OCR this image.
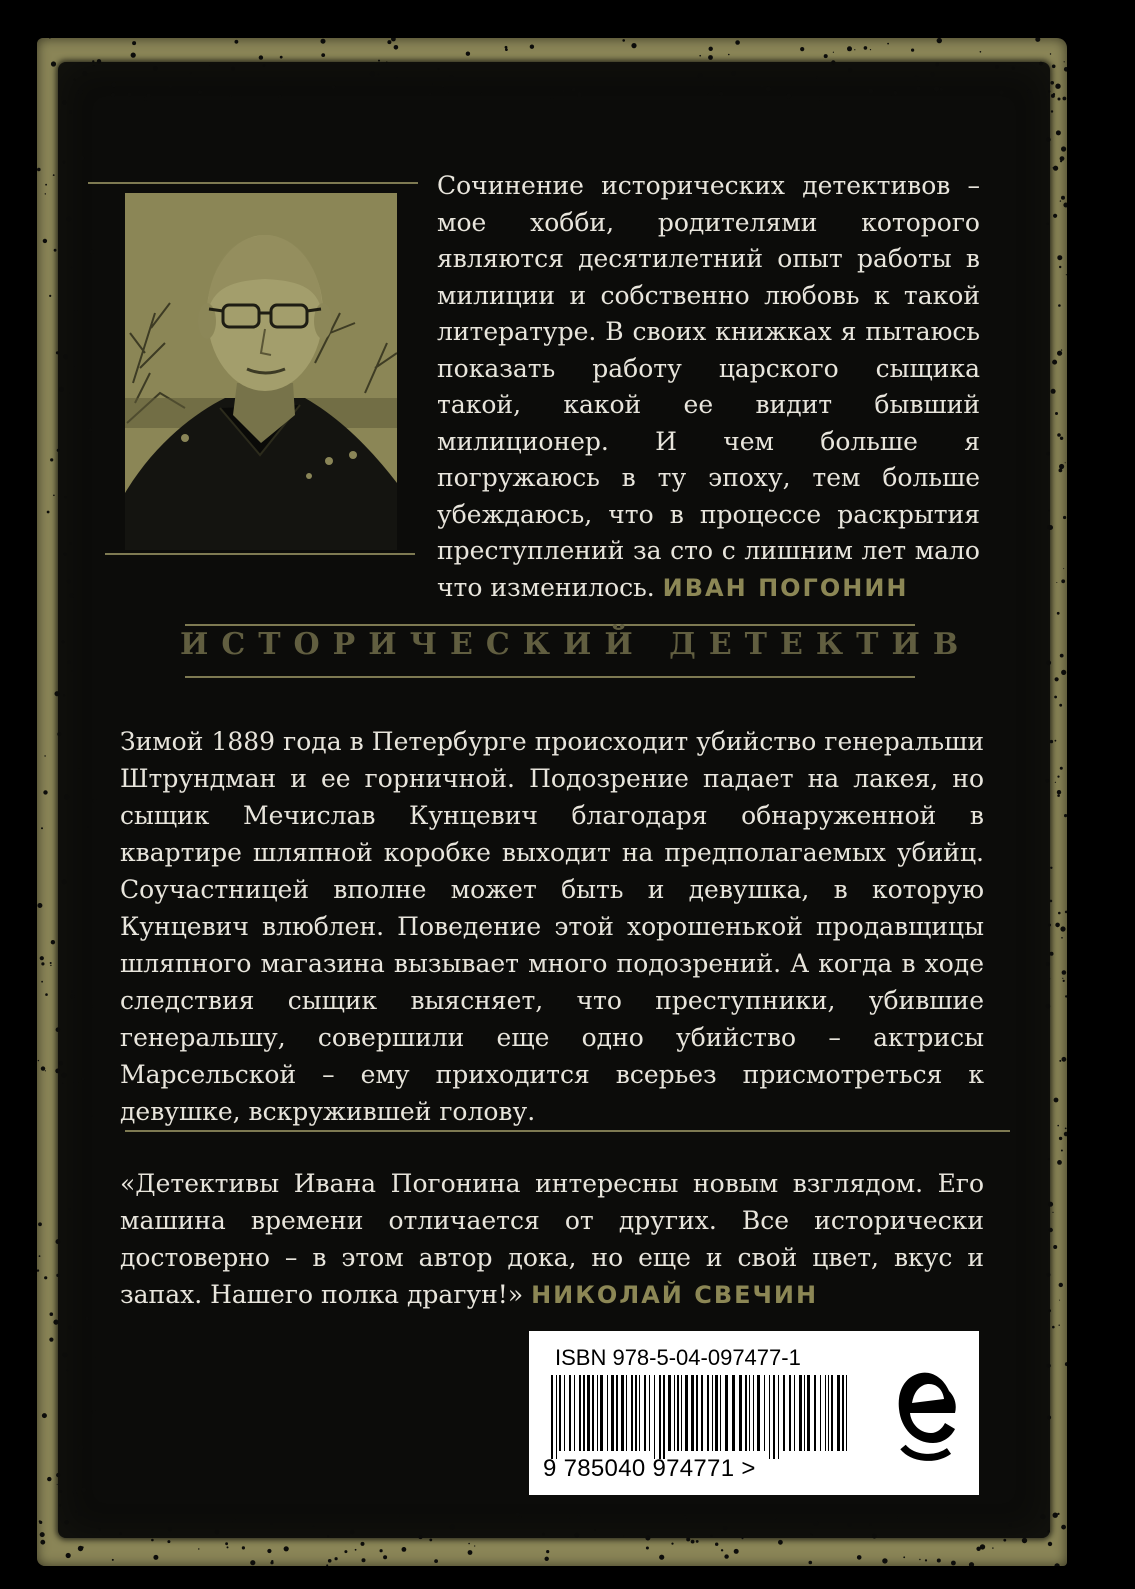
Сочинение исторических детективов – мое хобби, родителями которого являются десятилетний опыт работы в милиции и собственно любовь к такой литературе. В своих книжках я пытаюсь показать работу царского сыщика такой, какой ее видит бывший милиционер. И чем больше я погружаюсь в ту эпоху, тем больше убеждаюсь, что в процессе раскрытия преступлений за сто с лишним лет мало что изменилось. ИВАН ПОГОНИН

ИСТОРИЧЕСКИЙ ДЕТЕКТИВ

Зимой 1889 года в Петербурге происходит убийство генеральши Штрундман и ее горничной. Подозрение падает на лакея, но сыщик Мечислав Кунцевич благодаря обнаруженной в квартире шляпной коробке выходит на предполагаемых убийц. Соучастницей вполне может быть и девушка, в которую Кунцевич влюблен. Поведение этой хорошенькой продавщицы шляпного магазина вызывает много подозрений. А когда в ходе следствия сыщик выясняет, что преступники, убившие генеральшу, совершили еще одно убийство – актрисы Марсельской – ему приходится всерьез присмотреться к девушке, вскружившей голову.

«Детективы Ивана Погонина интересны новым взглядом. Его машина времени отличается от других. Все исторически достоверно – в этом автор дока, но еще и свой цвет, вкус и запах. Нашего полка драгун!» НИКОЛАЙ СВЕЧИН

ISBN 978-5-04-097477-1
9 785040 974771 >
